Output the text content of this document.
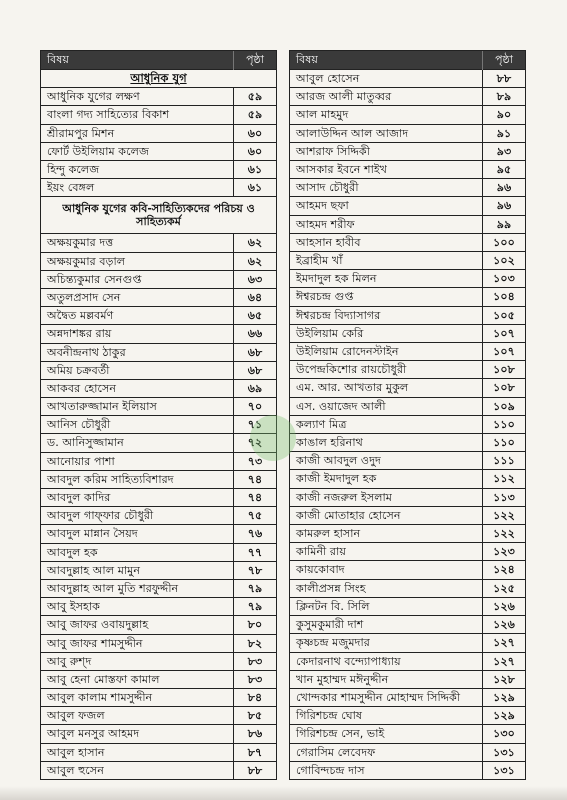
বিষয়	পৃষ্ঠা
আধুনিক যুগ
আধুনিক যুগের লক্ষণ	৫৯
বাংলা গদ্য সাহিত্যের বিকাশ	৫৯
শ্রীরামপুর মিশন	৬০
ফোর্ট উইলিয়াম কলেজ	৬০
হিন্দু কলেজ	৬১
ইয়ং বেঙ্গল	৬১
আধুনিক যুগের কবি-সাহিত্যিকদের পরিচয় ও সাহিত্যকর্ম
অক্ষয়কুমার দত্ত	৬২
অক্ষয়কুমার বড়াল	৬২
অচিন্ত্যকুমার সেনগুপ্ত	৬৩
অতুলপ্রসাদ সেন	৬৪
অদ্বৈত মল্লবর্মণ	৬৫
অন্নদাশঙ্কর রায়	৬৬
অবনীন্দ্রনাথ ঠাকুর	৬৮
অমিয় চক্রবর্তী	৬৮
আকবর হোসেন	৬৯
আখতারুজ্জামান ইলিয়াস	৭০
আনিস চৌধুরী	৭১
ড. আনিসুজ্জামান	৭২
আনোয়ার পাশা	৭৩
আবদুল করিম সাহিত্যবিশারদ	৭৪
আবদুল কাদির	৭৪
আবদুল গাফ্‌ফার চৌধুরী	৭৫
আবদুল মান্নান সৈয়দ	৭৬
আবদুল হক	৭৭
আবদুল্লাহ আল মামুন	৭৮
আবদুল্লাহ আল মুতি শরফুদ্দীন	৭৯
আবু ইসহাক	৭৯
আবু জাফর ওবায়দুল্লাহ	৮০
আবু জাফর শামসুদ্দীন	৮২
আবু রুশ্‌দ	৮৩
আবু হেনা মোস্তফা কামাল	৮৩
আবুল কালাম শামসুদ্দীন	৮৪
আবুল ফজল	৮৫
আবুল মনসুর আহমদ	৮৬
আবুল হাসান	৮৭
আবুল হুসেন	৮৮
বিষয়	পৃষ্ঠা
আবুল হোসেন	৮৮
আরজ আলী মাতুব্বর	৮৯
আল মাহমুদ	৯০
আলাউদ্দিন আল আজাদ	৯১
আশরাফ সিদ্দিকী	৯৩
আসকার ইবনে শাইখ	৯৫
আসাদ চৌধুরী	৯৬
আহমদ ছফা	৯৬
আহমদ শরীফ	৯৯
আহসান হাবীব	১০০
ইব্রাহীম খাঁ	১০২
ইমদাদুল হক মিলন	১০৩
ঈশ্বরচন্দ্র গুপ্ত	১০৪
ঈশ্বরচন্দ্র বিদ্যাসাগর	১০৫
উইলিয়াম কেরি	১০৭
উইলিয়াম রোদেনস্টাইন	১০৭
উপেন্দ্রকিশোর রায়চৌধুরী	১০৮
এম. আর. আখতার মুকুল	১০৮
এস. ওয়াজেদ আলী	১০৯
কল্যাণ মিত্র	১১০
কাঙাল হরিনাথ	১১০
কাজী আবদুল ওদুদ	১১১
কাজী ইমদাদুল হক	১১২
কাজী নজরুল ইসলাম	১১৩
কাজী মোতাহার হোসেন	১২২
কামরুল হাসান	১২২
কামিনী রায়	১২৩
কায়কোবাদ	১২৪
কালীপ্রসন্ন সিংহ	১২৫
ক্লিনটন বি. সিলি	১২৬
কুসুমকুমারী দাশ	১২৬
কৃষ্ণচন্দ্র মজুমদার	১২৭
কেদারনাথ বন্দ্যোপাধ্যায়	১২৭
খান মুহাম্মদ মঈনুদ্দীন	১২৮
খোন্দকার শামসুদ্দীন মোহাম্মদ সিদ্দিকী	১২৯
গিরিশচন্দ্র ঘোষ	১২৯
গিরিশচন্দ্র সেন, ভাই	১৩০
গেরাসিম লেবেদফ	১৩১
গোবিন্দচন্দ্র দাস	১৩১
